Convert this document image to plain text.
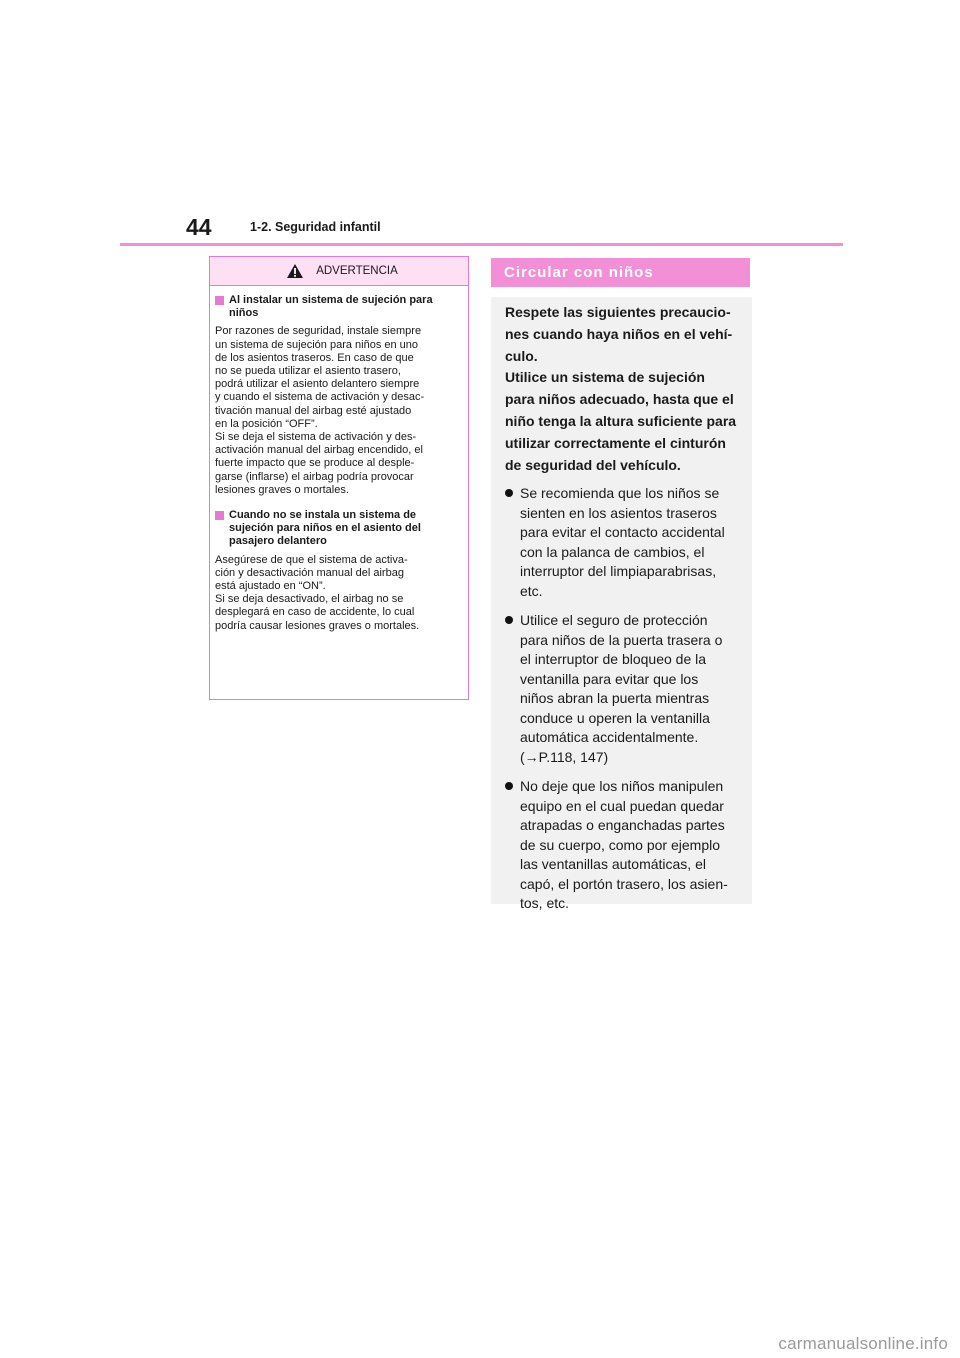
44	1-2. Seguridad infantil
ADVERTENCIA
Al instalar un sistema de sujeción para niños

Por razones de seguridad, instale siempre
un sistema de sujeción para niños en uno
de los asientos traseros. En caso de que
no se pueda utilizar el asiento trasero,
podrá utilizar el asiento delantero siempre
y cuando el sistema de activación y desac-
tivación manual del airbag esté ajustado
en la posición “OFF”.
Si se deja el sistema de activación y des-
activación manual del airbag encendido, el
fuerte impacto que se produce al desple-
garse (inflarse) el airbag podría provocar
lesiones graves o mortales.

Cuando no se instala un sistema de sujeción para niños en el asiento del pasajero delantero

Asegúrese de que el sistema de activa-
ción y desactivación manual del airbag
está ajustado en “ON”.
Si se deja desactivado, el airbag no se
desplegará en caso de accidente, lo cual
podría causar lesiones graves o mortales.

Circular con niños

Respete las siguientes precaucio-
nes cuando haya niños en el vehí-
culo.
Utilice un sistema de sujeción
para niños adecuado, hasta que el
niño tenga la altura suficiente para
utilizar correctamente el cinturón
de seguridad del vehículo.

Se recomienda que los niños se
sienten en los asientos traseros
para evitar el contacto accidental
con la palanca de cambios, el
interruptor del limpiaparabrisas,
etc.
Utilice el seguro de protección
para niños de la puerta trasera o
el interruptor de bloqueo de la
ventanilla para evitar que los
niños abran la puerta mientras
conduce u operen la ventanilla
automática accidentalmente.
(→P.118, 147)
No deje que los niños manipulen
equipo en el cual puedan quedar
atrapadas o enganchadas partes
de su cuerpo, como por ejemplo
las ventanillas automáticas, el
capó, el portón trasero, los asien-
tos, etc.
carmanualsonline.info
